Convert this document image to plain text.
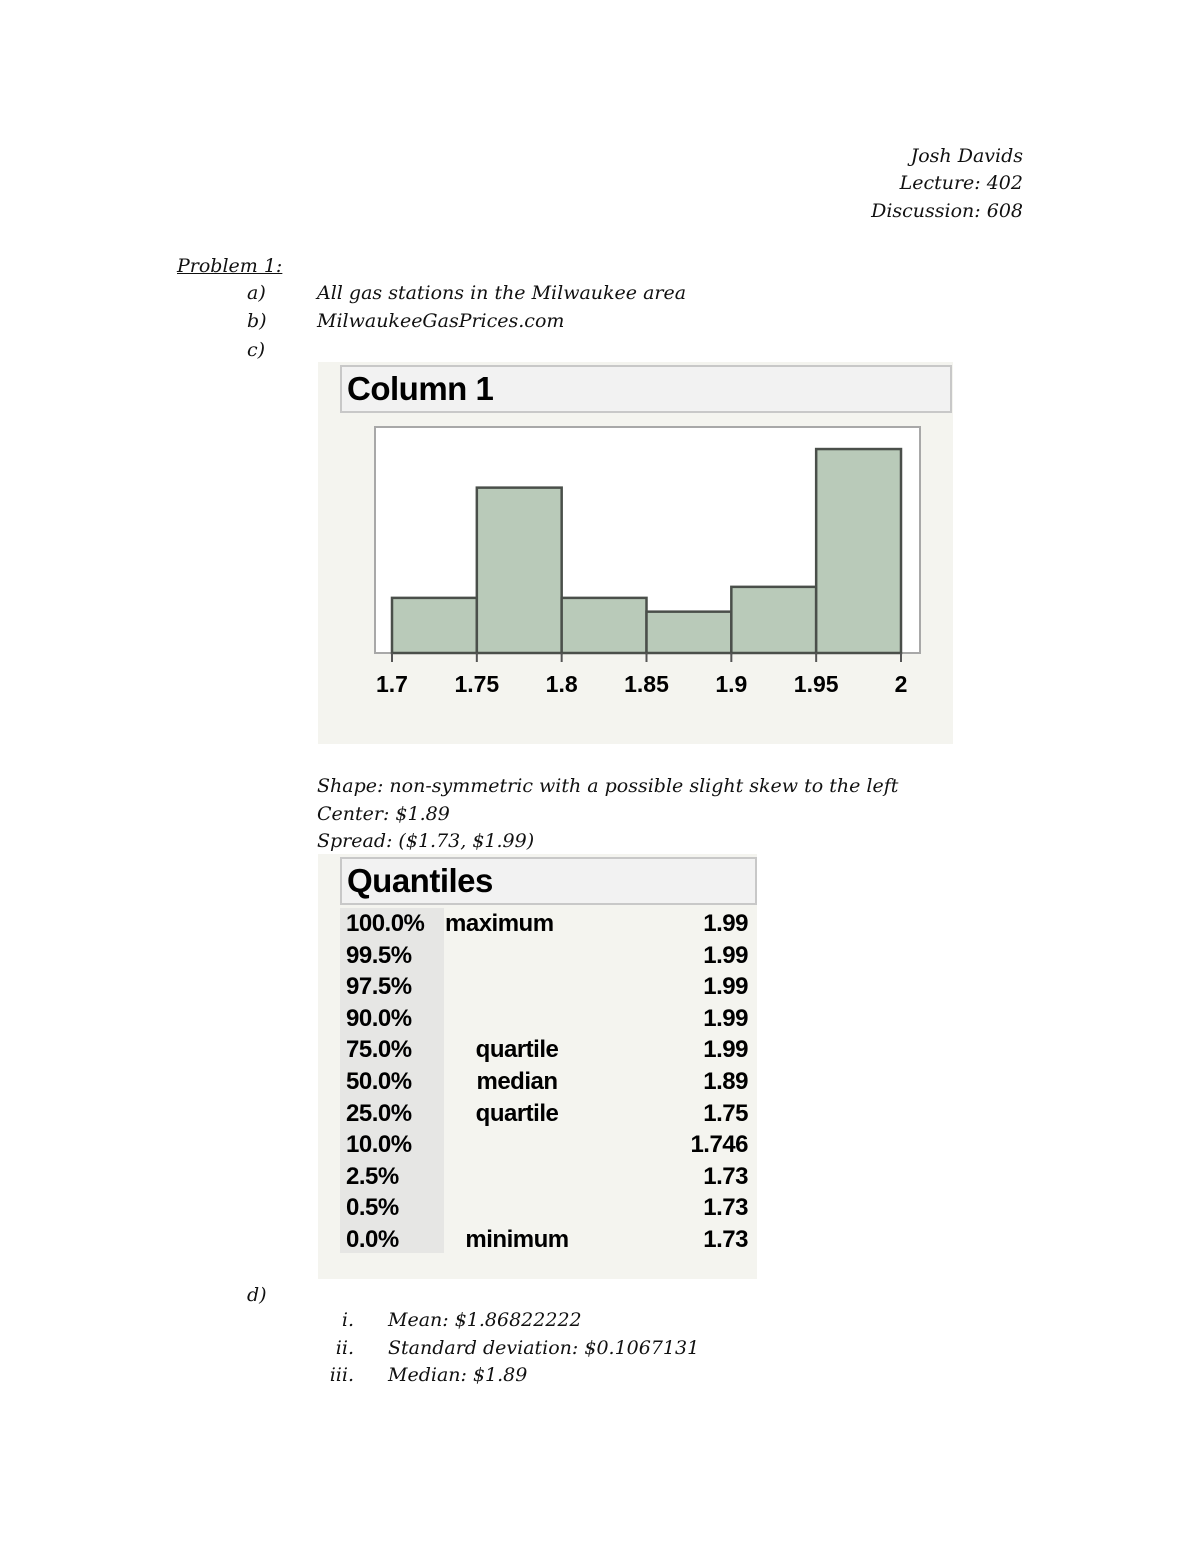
Josh Davids
Lecture: 402
Discussion: 608
Problem 1:
a)	All gas stations in the Milwaukee area
b)	MilwaukeeGasPrices.com
c)
Column 1
1.7 1.75 1.8 1.85 1.9 1.95 2
Shape: non-symmetric with a possible slight skew to the left
Center: $1.89
Spread: ($1.73, $1.99)
Quantiles
100.0% maximum	1.99
99.5%	1.99
97.5%	1.99
90.0%	1.99
75.0%	quartile	1.99
50.0%	median	1.89
25.0%	quartile	1.75
10.0%	1.746
2.5%	1.73
0.5%	1.73
0.0%	minimum	1.73
d)
i. Mean: $1.86822222
ii. Standard deviation: $0.1067131
iii. Median: $1.89
